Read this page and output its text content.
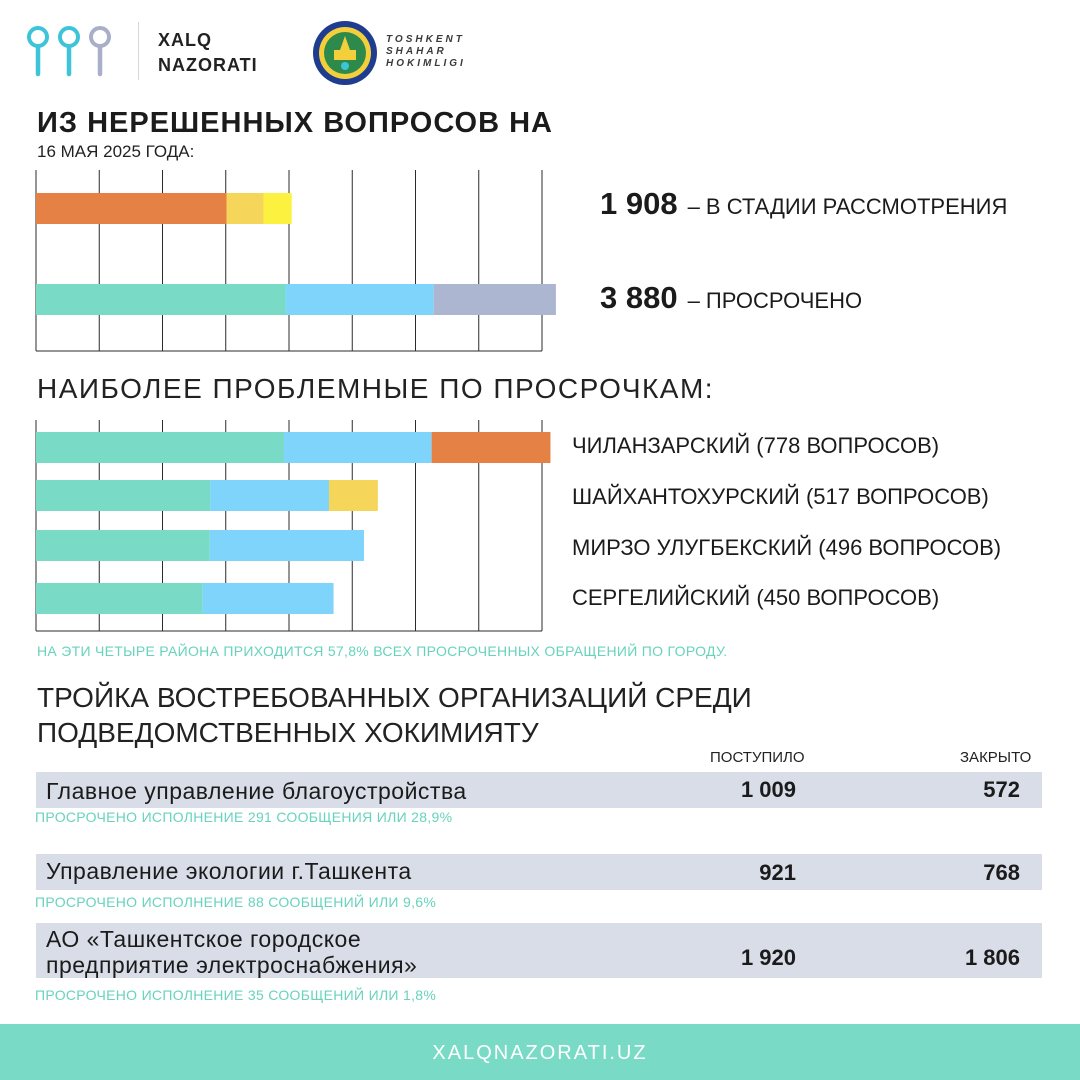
XALQ
NAZORATI
TOSHKENT
SHAHAR
HOKIMLIGI
ИЗ НЕРЕШЕННЫХ ВОПРОСОВ НА
16 МАЯ 2025 ГОДА:
1 908 – В СТАДИИ РАССМОТРЕНИЯ
3 880 – ПРОСРОЧЕНО
НАИБОЛЕЕ ПРОБЛЕМНЫЕ ПО ПРОСРОЧКАМ:
ЧИЛАНЗАРСКИЙ (778 ВОПРОСОВ)
ШАЙХАНТОХУРСКИЙ (517 ВОПРОСОВ)
МИРЗО УЛУГБЕКСКИЙ (496 ВОПРОСОВ)
СЕРГЕЛИЙСКИЙ (450 ВОПРОСОВ)
НА ЭТИ ЧЕТЫРЕ РАЙОНА ПРИХОДИТСЯ 57,8% ВСЕХ ПРОСРОЧЕННЫХ ОБРАЩЕНИЙ ПО ГОРОДУ.
ТРОЙКА ВОСТРЕБОВАННЫХ ОРГАНИЗАЦИЙ СРЕДИ
ПОДВЕДОМСТВЕННЫХ ХОКИМИЯТУ
ПОСТУПИЛО	ЗАКРЫТО
Главное управление благоустройства	1 009	572
ПРОСРОЧЕНО ИСПОЛНЕНИЕ 291 СООБЩЕНИЯ ИЛИ 28,9%
Управление экологии г.Ташкента	921	768
ПРОСРОЧЕНО ИСПОЛНЕНИЕ 88 СООБЩЕНИЙ ИЛИ 9,6%
АО «Ташкентское городское
предприятие электроснабжения»	1 920	1 806
ПРОСРОЧЕНО ИСПОЛНЕНИЕ 35 СООБЩЕНИЙ ИЛИ 1,8%
XALQNAZORATI.UZ
